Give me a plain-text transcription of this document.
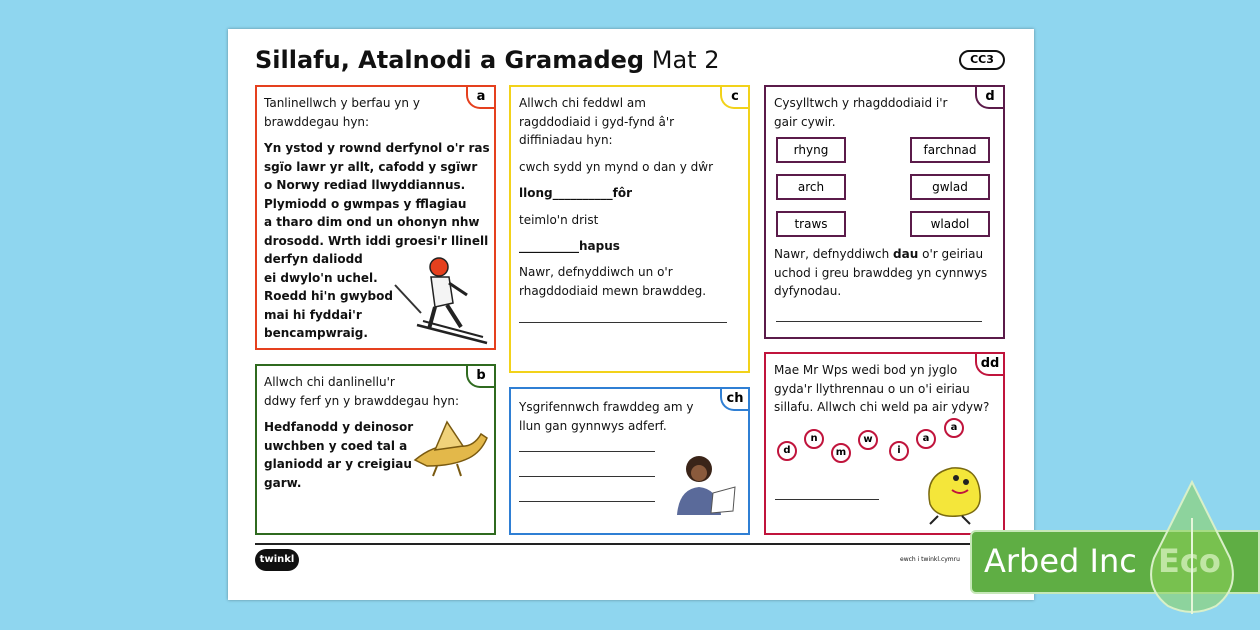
Sillafu, Atalnodi a Gramadeg Mat 2	CC3
a
Tanlinellwch y berfau yn y
brawddegau hyn:
Yn ystod y rownd derfynol o'r ras
sgïo lawr yr allt, cafodd y sgïwr
o Norwy rediad llwyddiannus.
Plymiodd o gwmpas y fflagiau
a tharo dim ond un ohonyn nhw
drosodd. Wrth iddi groesi'r llinell
derfyn daliodd
ei dwylo'n uchel.
Roedd hi'n gwybod
mai hi fyddai'r
bencampwraig.
b
Allwch chi danlinellu'r
ddwy ferf yn y brawddegau hyn:
Hedfanodd y deinosor
uwchben y coed tal a
glaniodd ar y creigiau
garw.
c
Allwch chi feddwl am
ragddodiaid i gyd-fynd â'r
diffiniadau hyn:
cwch sydd yn mynd o dan y dŵr
llong__________fôr
teimlo'n drist
__________hapus
Nawr, defnyddiwch un o'r
rhagddodiaid mewn brawddeg.
ch
Ysgrifennwch frawddeg am y
llun gan gynnwys adferf.
d
Cysylltwch y rhagddodiaid i'r
gair cywir.
rhyng
arch
traws
farchnad
gwlad
wladol
Nawr, defnyddiwch dau o'r geiriau
uchod i greu brawddeg yn cynnwys
dyfynodau.
dd
Mae Mr Wps wedi bod yn jyglo
gyda'r llythrennau o un o'i eiriau
sillafu. Allwch chi weld pa air ydyw?
d
n
m
w
i
a
a
twinkl	ewch i twinkl.cymru Arbed Inc
